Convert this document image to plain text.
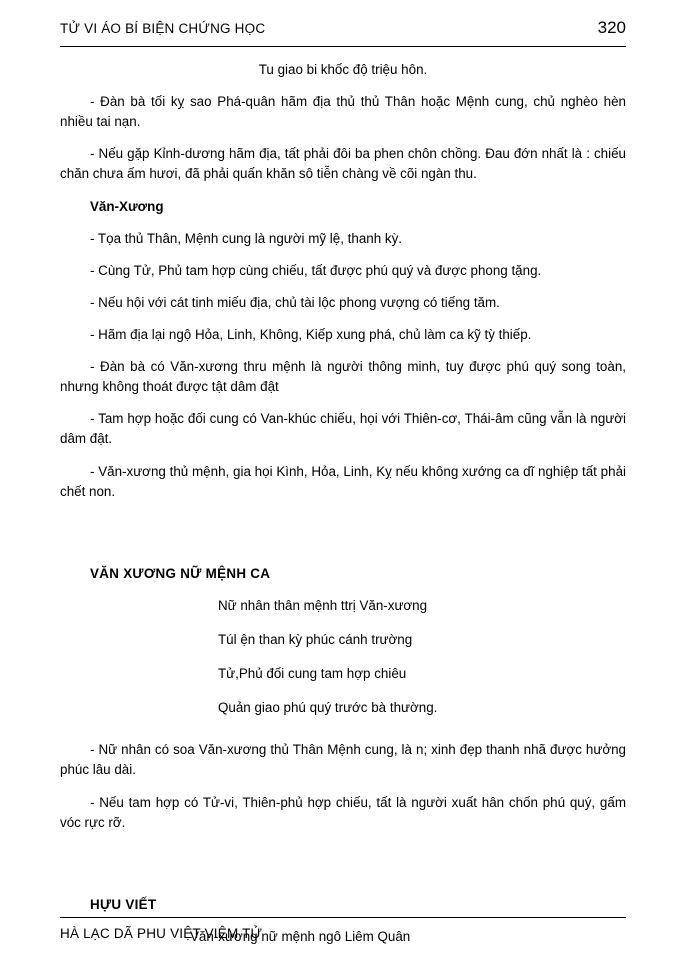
TỬ VI ÁO BÍ BIỆN CHỨNG HỌC	320

Tu giao bi khốc độ triệu hôn.

- Đàn bà tối kỵ sao Phá-quân hãm địa thủ thủ Thân hoặc Mệnh cung, chủ nghèo hèn nhiều tai nạn.

- Nếu gặp Kỉnh-dương hãm địa, tất phải đôi ba phen chôn chồng. Đau đớn nhất là : chiếu chăn chưa ấm hươi, đã phải quấn khăn sô tiễn chàng về cõi ngàn thu.

Văn-Xương

- Tọa thủ Thân, Mệnh cung là người mỹ lệ, thanh kỳ.

- Cùng Tử, Phủ tam hợp cùng chiếu, tất được phú quý và được phong tặng.

- Nếu hội với cát tinh miếu địa, chủ tài lộc phong vượng có tiếng tăm.

- Hãm địa lại ngộ Hỏa, Linh, Không, Kiếp xung phá, chủ làm ca kỹ tỳ thiếp.

- Đàn bà có Văn-xương thru mệnh là người thông minh, tuy được phú quý song toàn, nhưng không thoát được tật dâm đật

- Tam hợp hoặc đối cung có Van-khúc chiếu, họi với Thiên-cơ, Thái-âm cũng vẫn là người dâm đật.

- Văn-xương thủ mệnh, gia họi Kình, Hỏa, Linh, Kỵ nếu không xướng ca dĩ nghiệp tất phải chết non.

VĂN XƯƠNG NỮ MỆNH CA

Nữ nhân thân mệnh ttrị Văn-xương

Túl ện than kỳ phúc cánh trường

Tử,Phủ đối cung tam hợp chiêu

Quản giao phú quý trước bà thường.

- Nữ nhân có soa Văn-xương thủ Thân Mệnh cung, là n; xinh đẹp thanh nhã được hưởng phúc lâu dài.

- Nếu tam hợp có Tử-vi, Thiên-phủ hợp chiếu, tất là người xuất hân chốn phú quý, gấm vóc rực rỡ.

HỰU VIẾT

Văn-xương nữ mệnh ngô Liêm Quân

HÀ LẠC DÃ PHU VIỆT VIÊM TỬ
